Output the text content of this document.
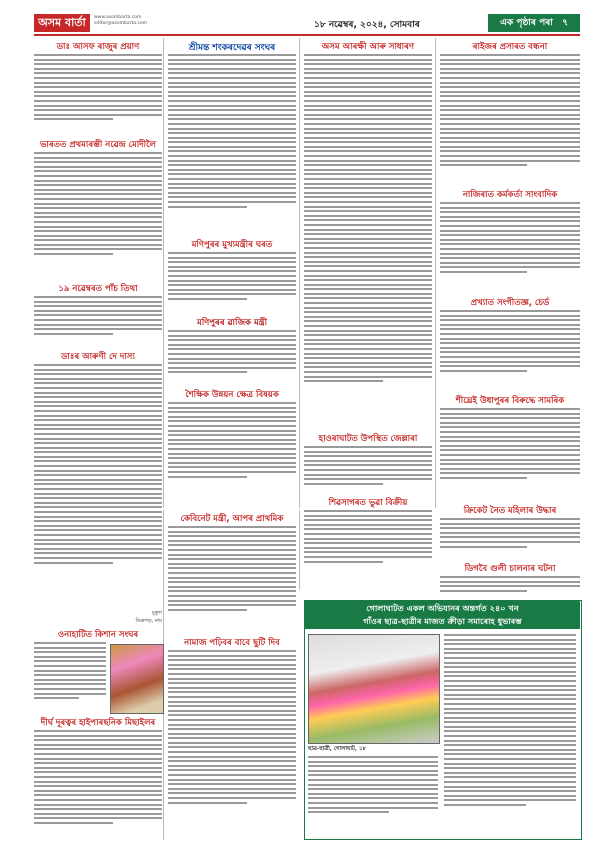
অসম বাৰ্তা	www.asombarta.com
editor@asombarta.com	১৮ নৱেম্বৰ, ২০২৪, সোমবাৰ	এক পৃষ্ঠাৰ পৰা ৭
ডাঃ আসফ ৰাজুৰ প্ৰয়াণ
ভাৰতত প্ৰথমাৰম্ভী নৱেন্দ্ৰ মোদীলৈ
১৯ নৱেম্বৰত পাঁচ তিথা
ডাঃৰ আৰুণী দে দাস্য
মুকুল
ডিব্ৰুগড়, নাম
ওনাহাটিত কিশান সংঘৰ
দীৰ্ঘ দূৰত্বৰ হাইপাৰছনিক মিছাইলৰ
শ্ৰীমন্ত শংকৰদেৱৰ সংঘৰ
মণিপুৰৰ মুখ্যমন্ত্ৰীৰ ঘৰত
মণিপুৰৰ ৱাজিক মন্ত্ৰী
শৈক্ষিক উন্নয়ন ক্ষেত্ৰ বিষয়ক
কেবিনেট মন্ত্ৰী, আপৰ প্ৰাথমিক
নামাজ পঢ়িবৰ বাবে ছুটি দিব
অসম আৰক্ষী আৰু সাধাৰণ
হাওৰাঘাটত উপস্থিত জেল্লাৰা
শিৱসাগৰত ভুৱা বিক্ৰীয়
ৰাইজৰ প্ৰসাৰত বন্ধনা
নাজিৰাত কৰ্মকৰ্তা সাংবাদিক
প্ৰখ্যাত সংগীতজ্ঞ, চেৰ্ড
শীঘ্ৰেই উধাপুৰৰ বিৰুদ্ধে সামৰিক
ক্ৰিকেট নৈত মহিলাৰ উদ্ধাৰ
ডিগবৈ গুলী চালনাৰ ঘটনা
গোলাঘাটত একল অভিযানৰ অন্তৰ্গত ২৪০ খন
গাঁওৰ ছাত্ৰ-ছাত্ৰীৰ মাজত ক্ৰীড়া সমাৰোহ ধুভাৰম্ভ
ছাত্ৰ-ছাত্ৰী, গোলাঘাট, ১৮
